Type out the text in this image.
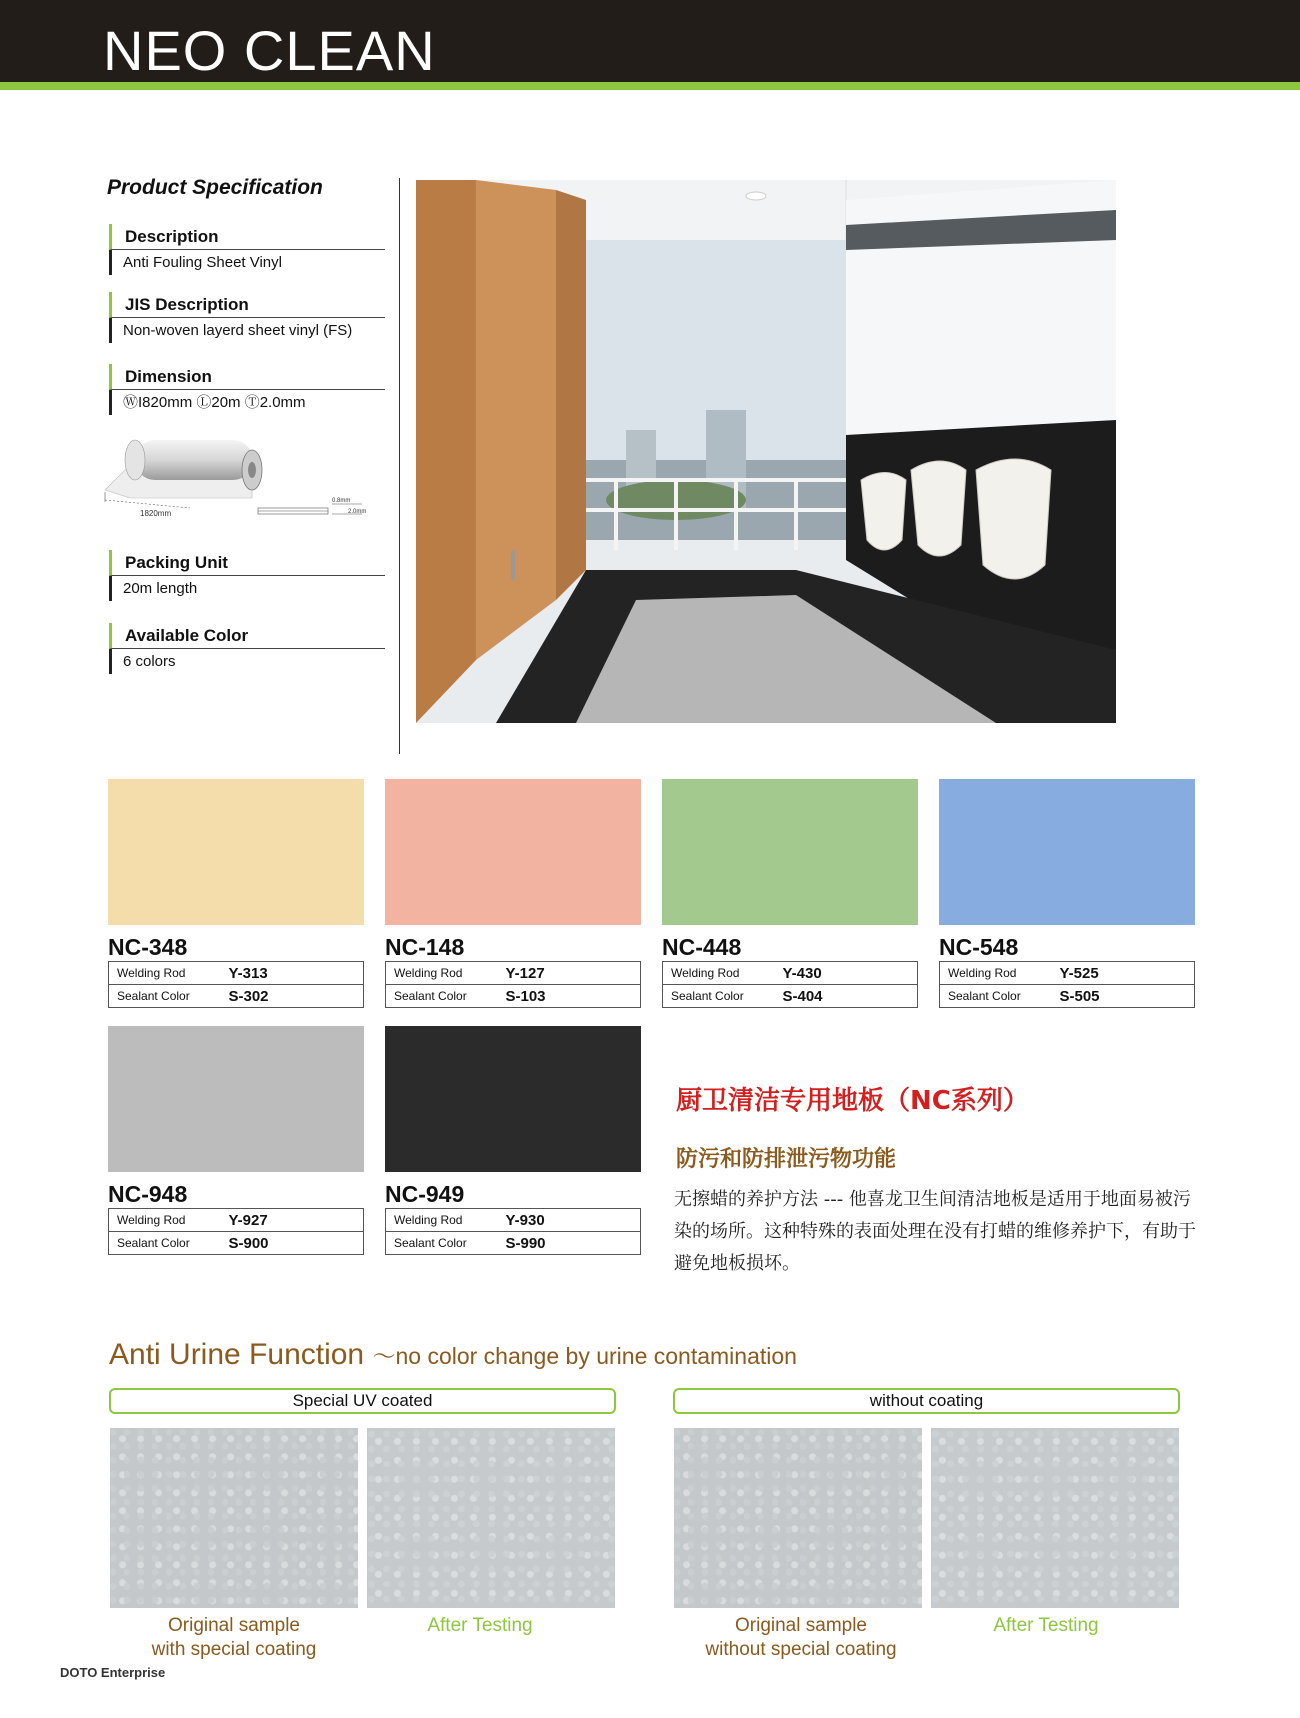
NEO CLEAN
Product Specification
Description
Anti Fouling Sheet Vinyl
JIS Description
Non-woven layerd sheet vinyl (FS)
Dimension
ⓌI820mm Ⓛ20m Ⓣ2.0mm
1820mm
0.8mm
2.0mm
Packing Unit
20m length
Available Color
6 colors
NC-348
Welding Rod	Y-313
Sealant Color	S-302
NC-148
Welding Rod	Y-127
Sealant Color	S-103
NC-448
Welding Rod	Y-430
Sealant Color	S-404
NC-548
Welding Rod	Y-525
Sealant Color	S-505
NC-948
Welding Rod	Y-927
Sealant Color	S-900
NC-949
Welding Rod	Y-930
Sealant Color	S-990
厨卫清洁专用地板（NC系列）
防污和防排泄污物功能
无擦蜡的养护方法 --- 他喜龙卫生间清洁地板是适用于地面易被污染的场所。这种特殊的表面处理在没有打蜡的维修养护下，有助于避免地板损坏。
Anti Urine Function ～no color change by urine contamination
Special UV coated	without coating
Original sample
with special coating
After Testing	Original sample
without special coating
After Testing
DOTO Enterprise
